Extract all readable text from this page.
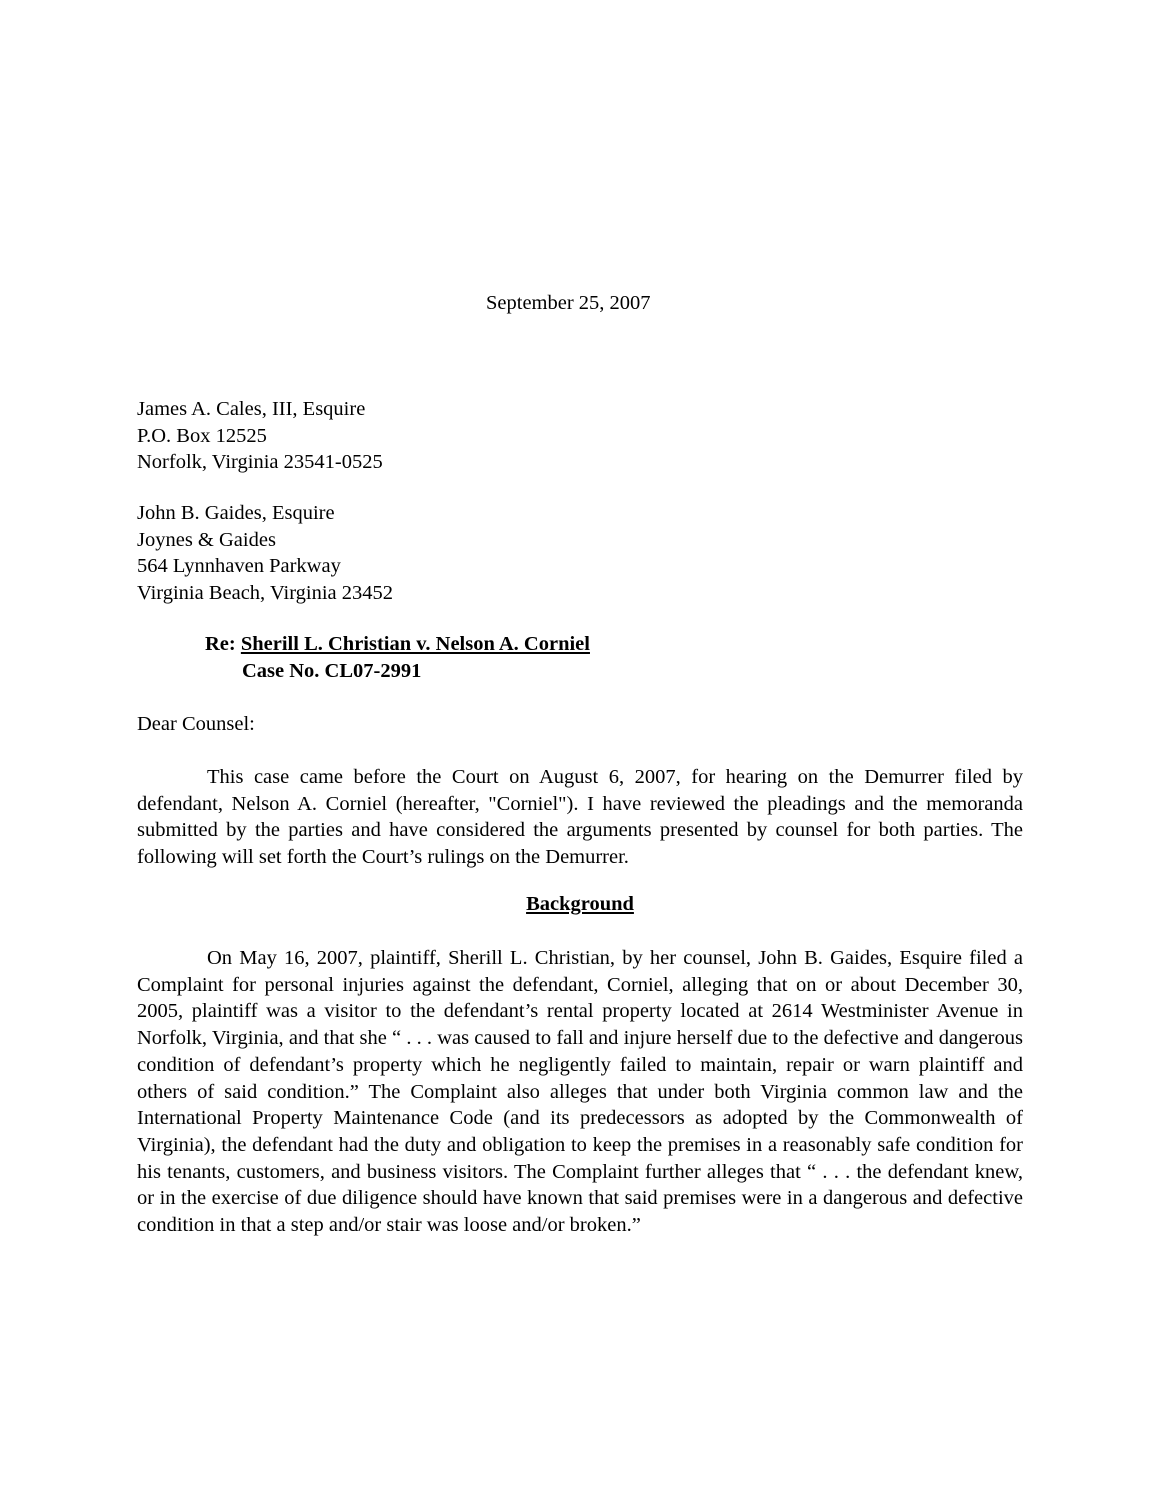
September 25, 2007
James A. Cales, III, Esquire
P.O. Box 12525
Norfolk, Virginia 23541-0525
John B. Gaides, Esquire
Joynes & Gaides
564 Lynnhaven Parkway
Virginia Beach, Virginia 23452
Re: Sherill L. Christian v. Nelson A. Corniel
Case No. CL07-2991
Dear Counsel:
This case came before the Court on August 6, 2007, for hearing on the Demurrer filed by defendant, Nelson A. Corniel (hereafter, "Corniel"). I have reviewed the pleadings and the memoranda submitted by the parties and have considered the arguments presented by counsel for both parties. The following will set forth the Court’s rulings on the Demurrer.
Background
On May 16, 2007, plaintiff, Sherill L. Christian, by her counsel, John B. Gaides, Esquire filed a Complaint for personal injuries against the defendant, Corniel, alleging that on or about December 30, 2005, plaintiff was a visitor to the defendant’s rental property located at 2614 Westminister Avenue in Norfolk, Virginia, and that she “ . . . was caused to fall and injure herself due to the defective and dangerous condition of defendant’s property which he negligently failed to maintain, repair or warn plaintiff and others of said condition.” The Complaint also alleges that under both Virginia common law and the International Property Maintenance Code (and its predecessors as adopted by the Commonwealth of Virginia), the defendant had the duty and obligation to keep the premises in a reasonably safe condition for his tenants, customers, and business visitors. The Complaint further alleges that “ . . . the defendant knew, or in the exercise of due diligence should have known that said premises were in a dangerous and defective condition in that a step and/or stair was loose and/or broken.”
